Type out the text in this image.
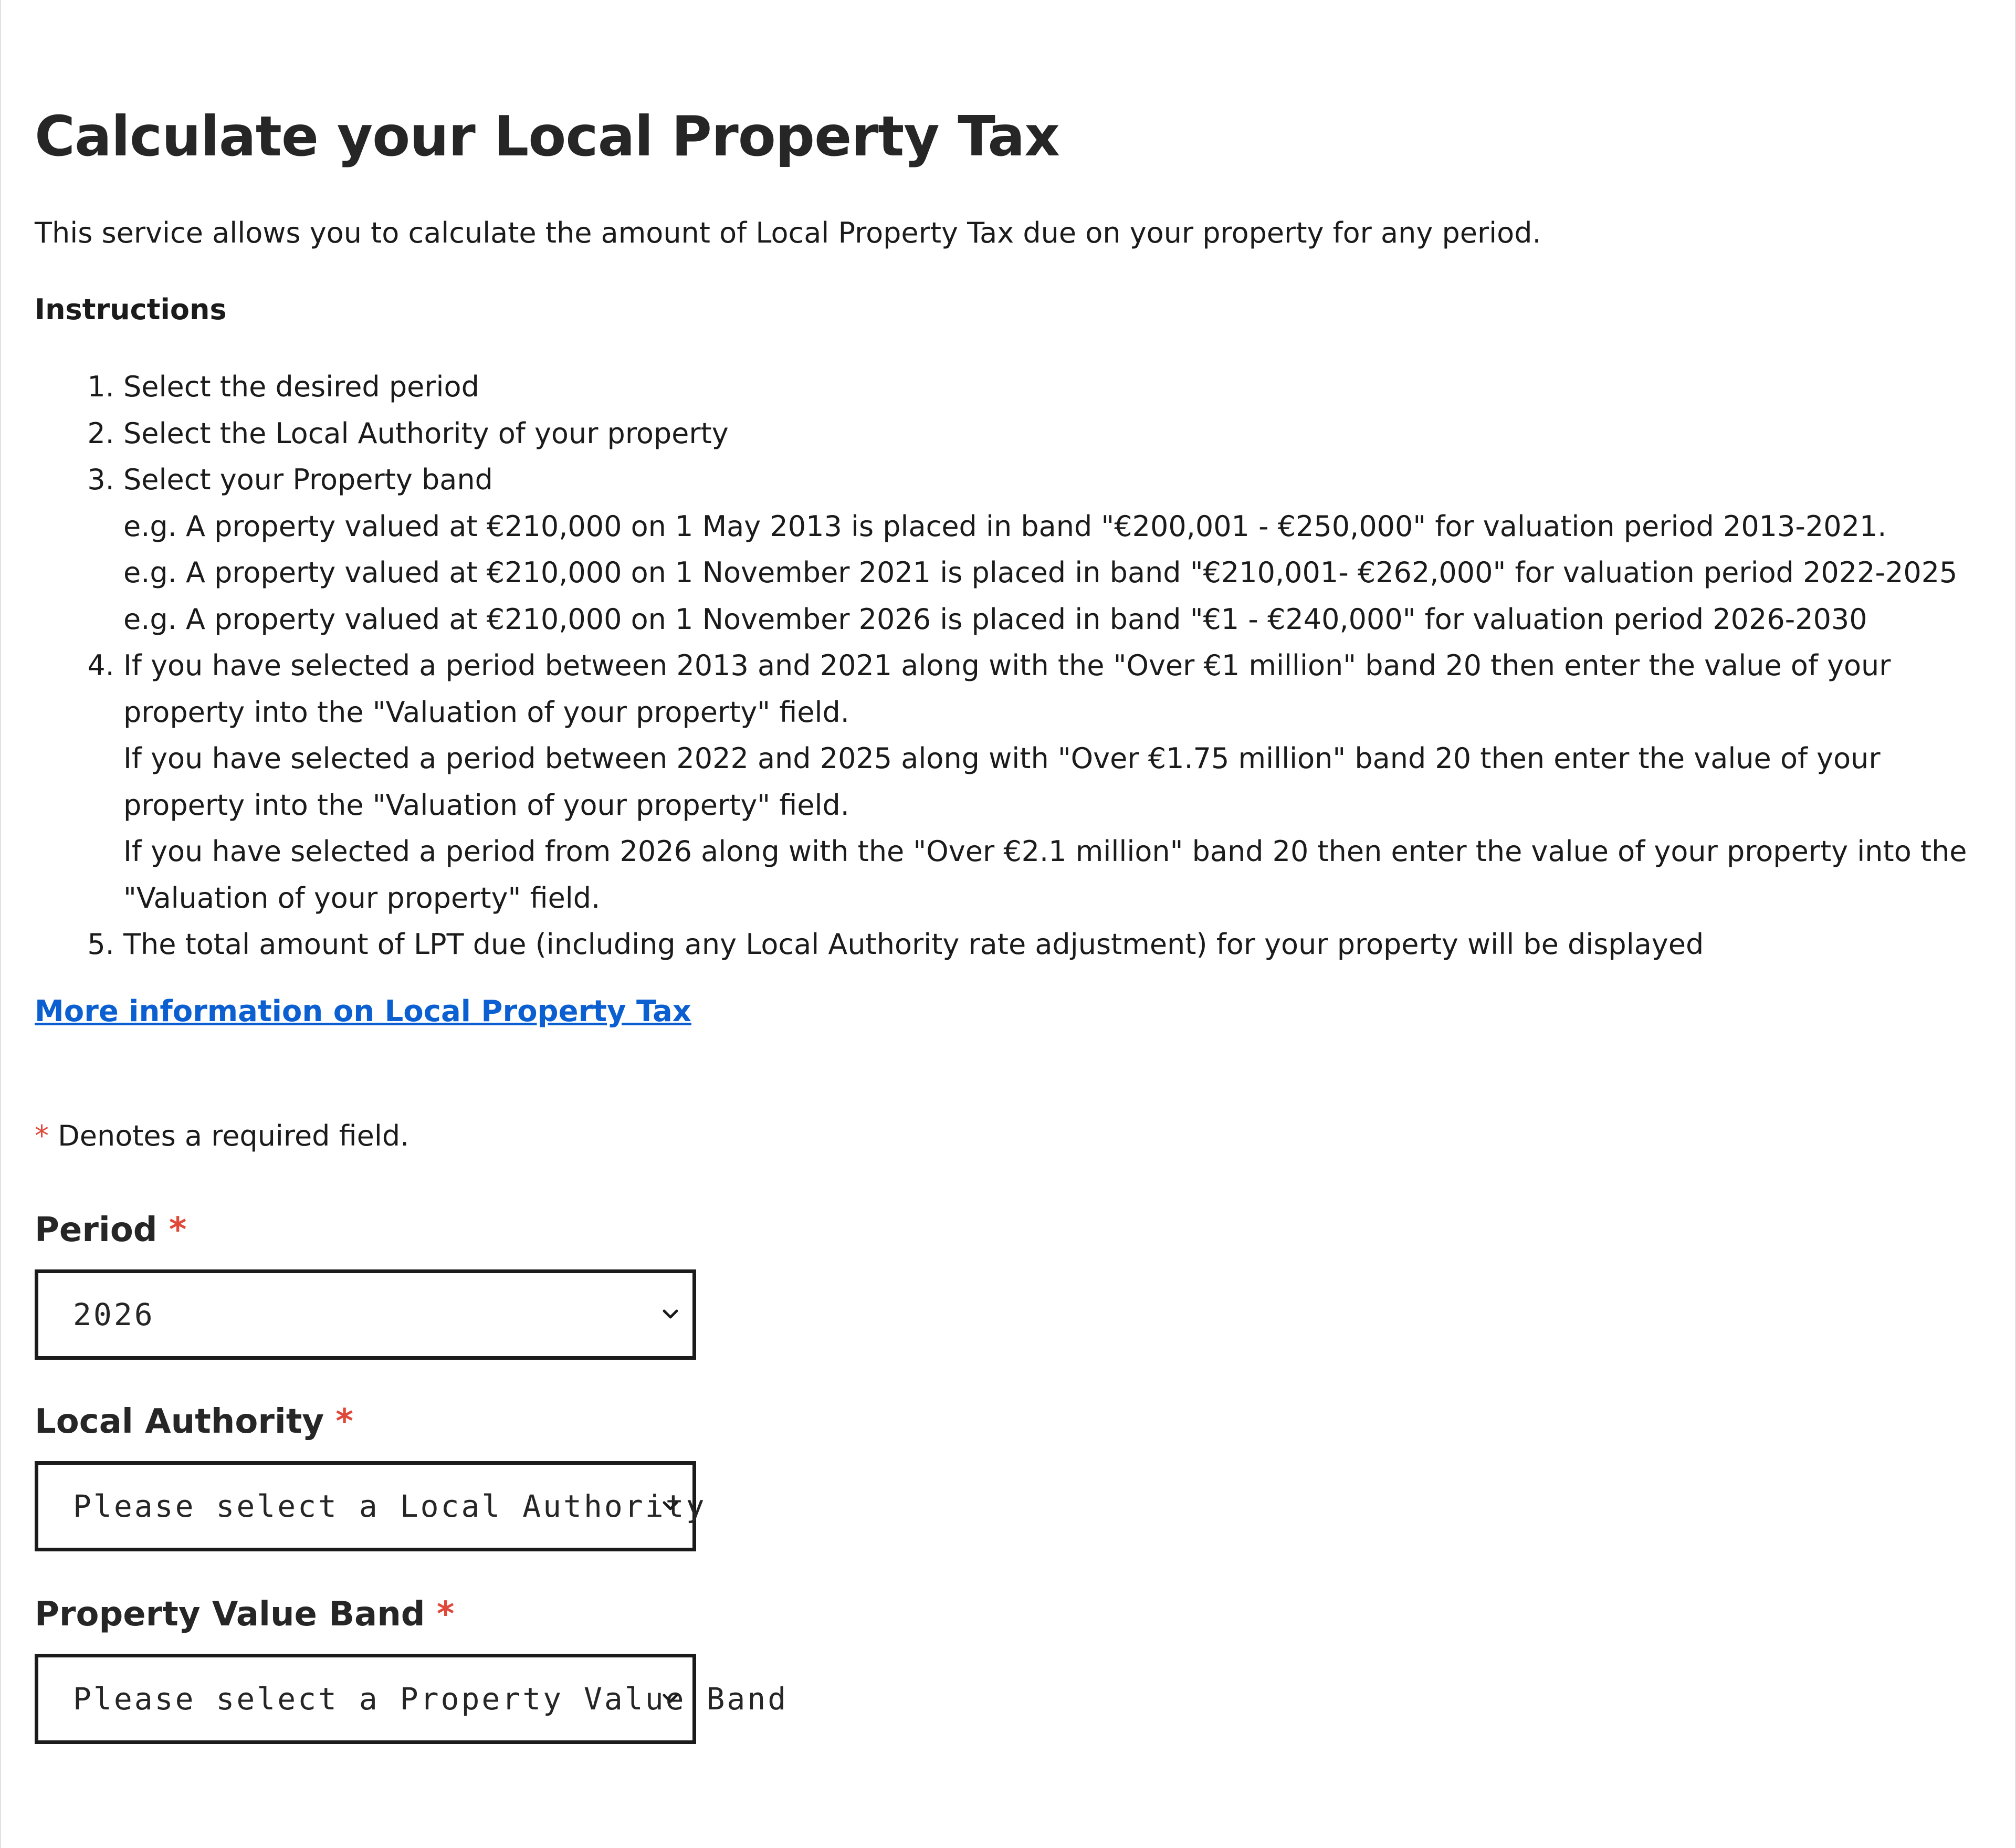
Calculate your Local Property Tax

This service allows you to calculate the amount of Local Property Tax due on your property for any period.

Instructions

1. Select the desired period
2. Select the Local Authority of your property
3. Select your Property band
e.g. A property valued at €210,000 on 1 May 2013 is placed in band "€200,001 - €250,000" for valuation period 2013-2021.
e.g. A property valued at €210,000 on 1 November 2021 is placed in band "€210,001- €262,000" for valuation period 2022-2025
e.g. A property valued at €210,000 on 1 November 2026 is placed in band "€1 - €240,000" for valuation period 2026-2030
4. If you have selected a period between 2013 and 2021 along with the "Over €1 million" band 20 then enter the value of your property into the "Valuation of your property" field.
If you have selected a period between 2022 and 2025 along with "Over €1.75 million" band 20 then enter the value of your property into the "Valuation of your property" field.
If you have selected a period from 2026 along with the "Over €2.1 million" band 20 then enter the value of your property into the "Valuation of your property" field.
5. The total amount of LPT due (including any Local Authority rate adjustment) for your property will be displayed
More information on Local Property Tax
* Denotes a required field.
Period *
2026
Local Authority *
Please select a Local Authority
Property Value Band *
Please select a Property Value Band
